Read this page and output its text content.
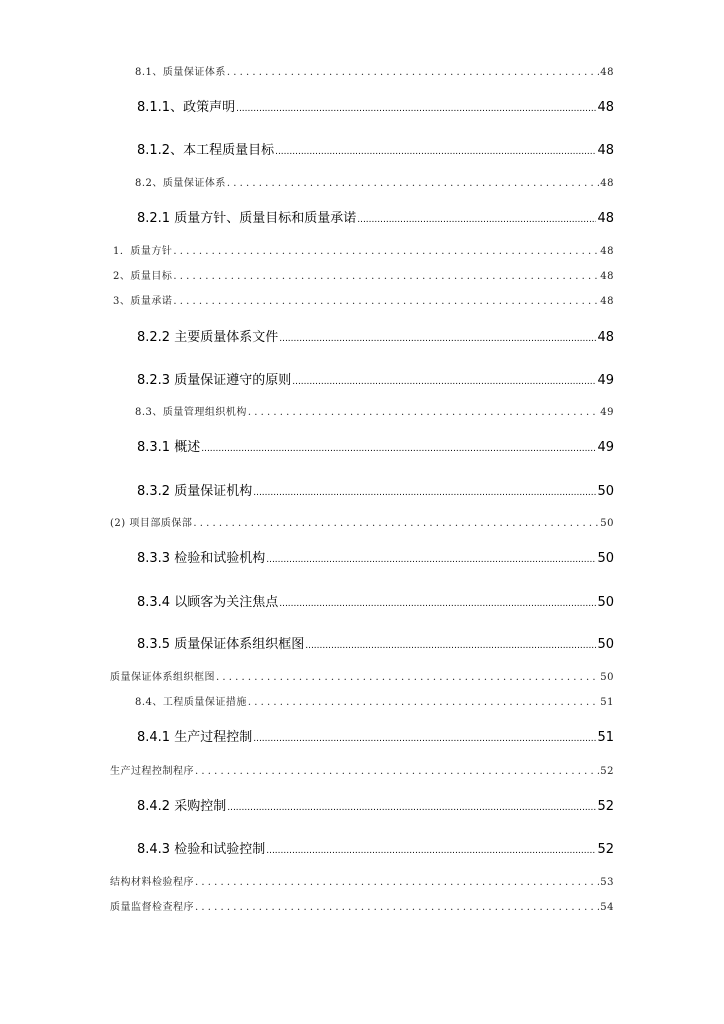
8.1、质量保证体系 .....	48
8.1.1、政策声明 .....	48
8.1.2、本工程质量目标 .....	48
8.2、质量保证体系 .....	48
8.2.1 质量方针、质量目标和质量承诺 .....	48
1．质量方针 .....	48
2、质量目标 .....	48
3、质量承诺 .....	48
8.2.2 主要质量体系文件 .....	48
8.2.3 质量保证遵守的原则 .....	49
8.3、质量管理组织机构 .....	49
8.3.1 概述 .....	49
8.3.2 质量保证机构 .....	50
(2) 项目部质保部 .....	50
8.3.3 检验和试验机构 .....	50
8.3.4 以顾客为关注焦点 .....	50
8.3.5 质量保证体系组织框图 .....	50
质量保证体系组织框图 .....	50
8.4、工程质量保证措施 .....	51
8.4.1 生产过程控制 .....	51
生产过程控制程序 .....	52
8.4.2 采购控制 .....	52
8.4.3 检验和试验控制 .....	52
结构材料检验程序 .....	53
质量监督检查程序 .....	54
